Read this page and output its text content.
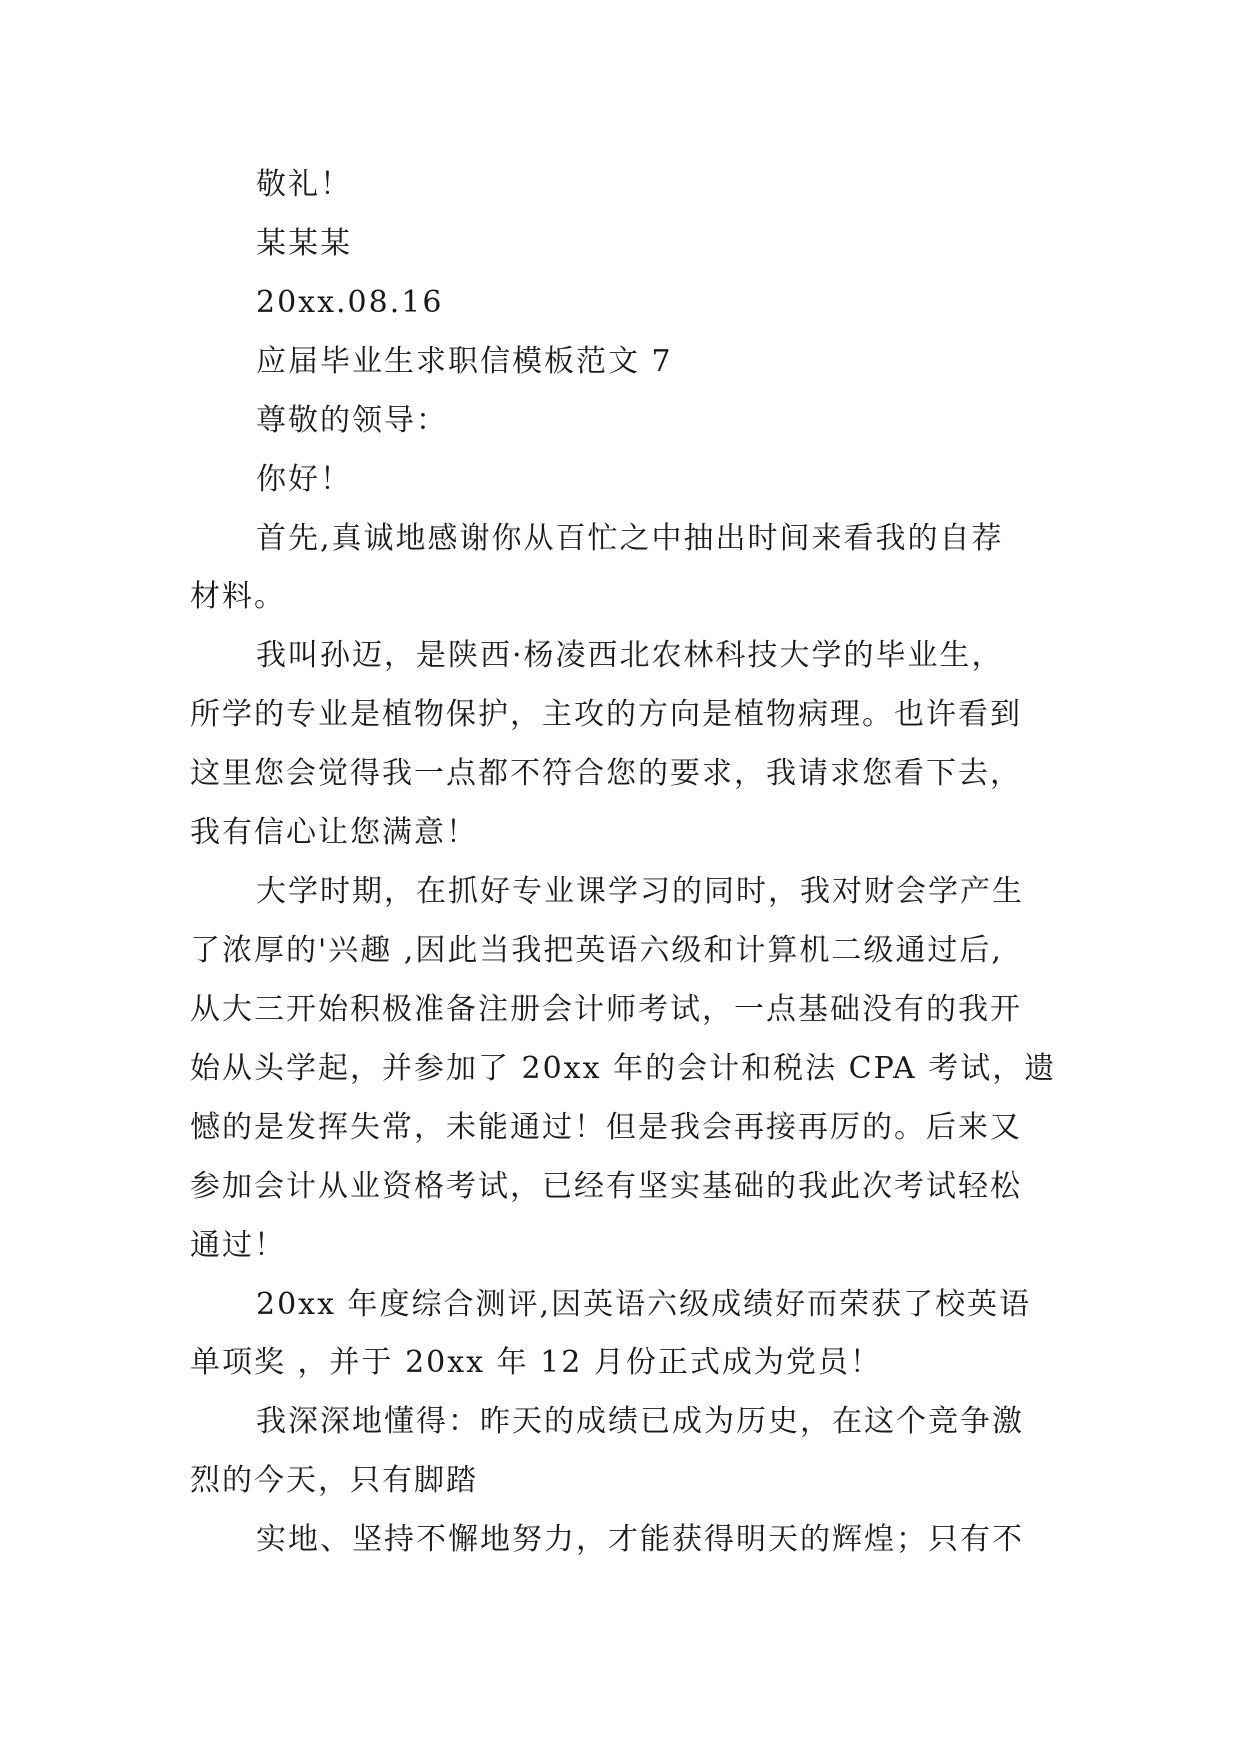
敬礼！
某某某
20xx.08.16
应届毕业生求职信模板范文 7
尊敬的领导：
你好！
首先,真诚地感谢你从百忙之中抽出时间来看我的自荐
材料。
我叫孙迈，是陕西·杨凌西北农林科技大学的毕业生，
所学的专业是植物保护，主攻的方向是植物病理。也许看到
这里您会觉得我一点都不符合您的要求，我请求您看下去，
我有信心让您满意！
大学时期，在抓好专业课学习的同时，我对财会学产生
了浓厚的'兴趣 ,因此当我把英语六级和计算机二级通过后,
从大三开始积极准备注册会计师考试，一点基础没有的我开
始从头学起，并参加了 20xx 年的会计和税法 CPA 考试，遗
憾的是发挥失常，未能通过！但是我会再接再厉的。后来又
参加会计从业资格考试，已经有坚实基础的我此次考试轻松
通过！
20xx 年度综合测评,因英语六级成绩好而荣获了校英语
单项奖 ，并于 20xx 年 12 月份正式成为党员！
我深深地懂得：昨天的成绩已成为历史，在这个竞争激
烈的今天，只有脚踏
实地、坚持不懈地努力，才能获得明天的辉煌；只有不
